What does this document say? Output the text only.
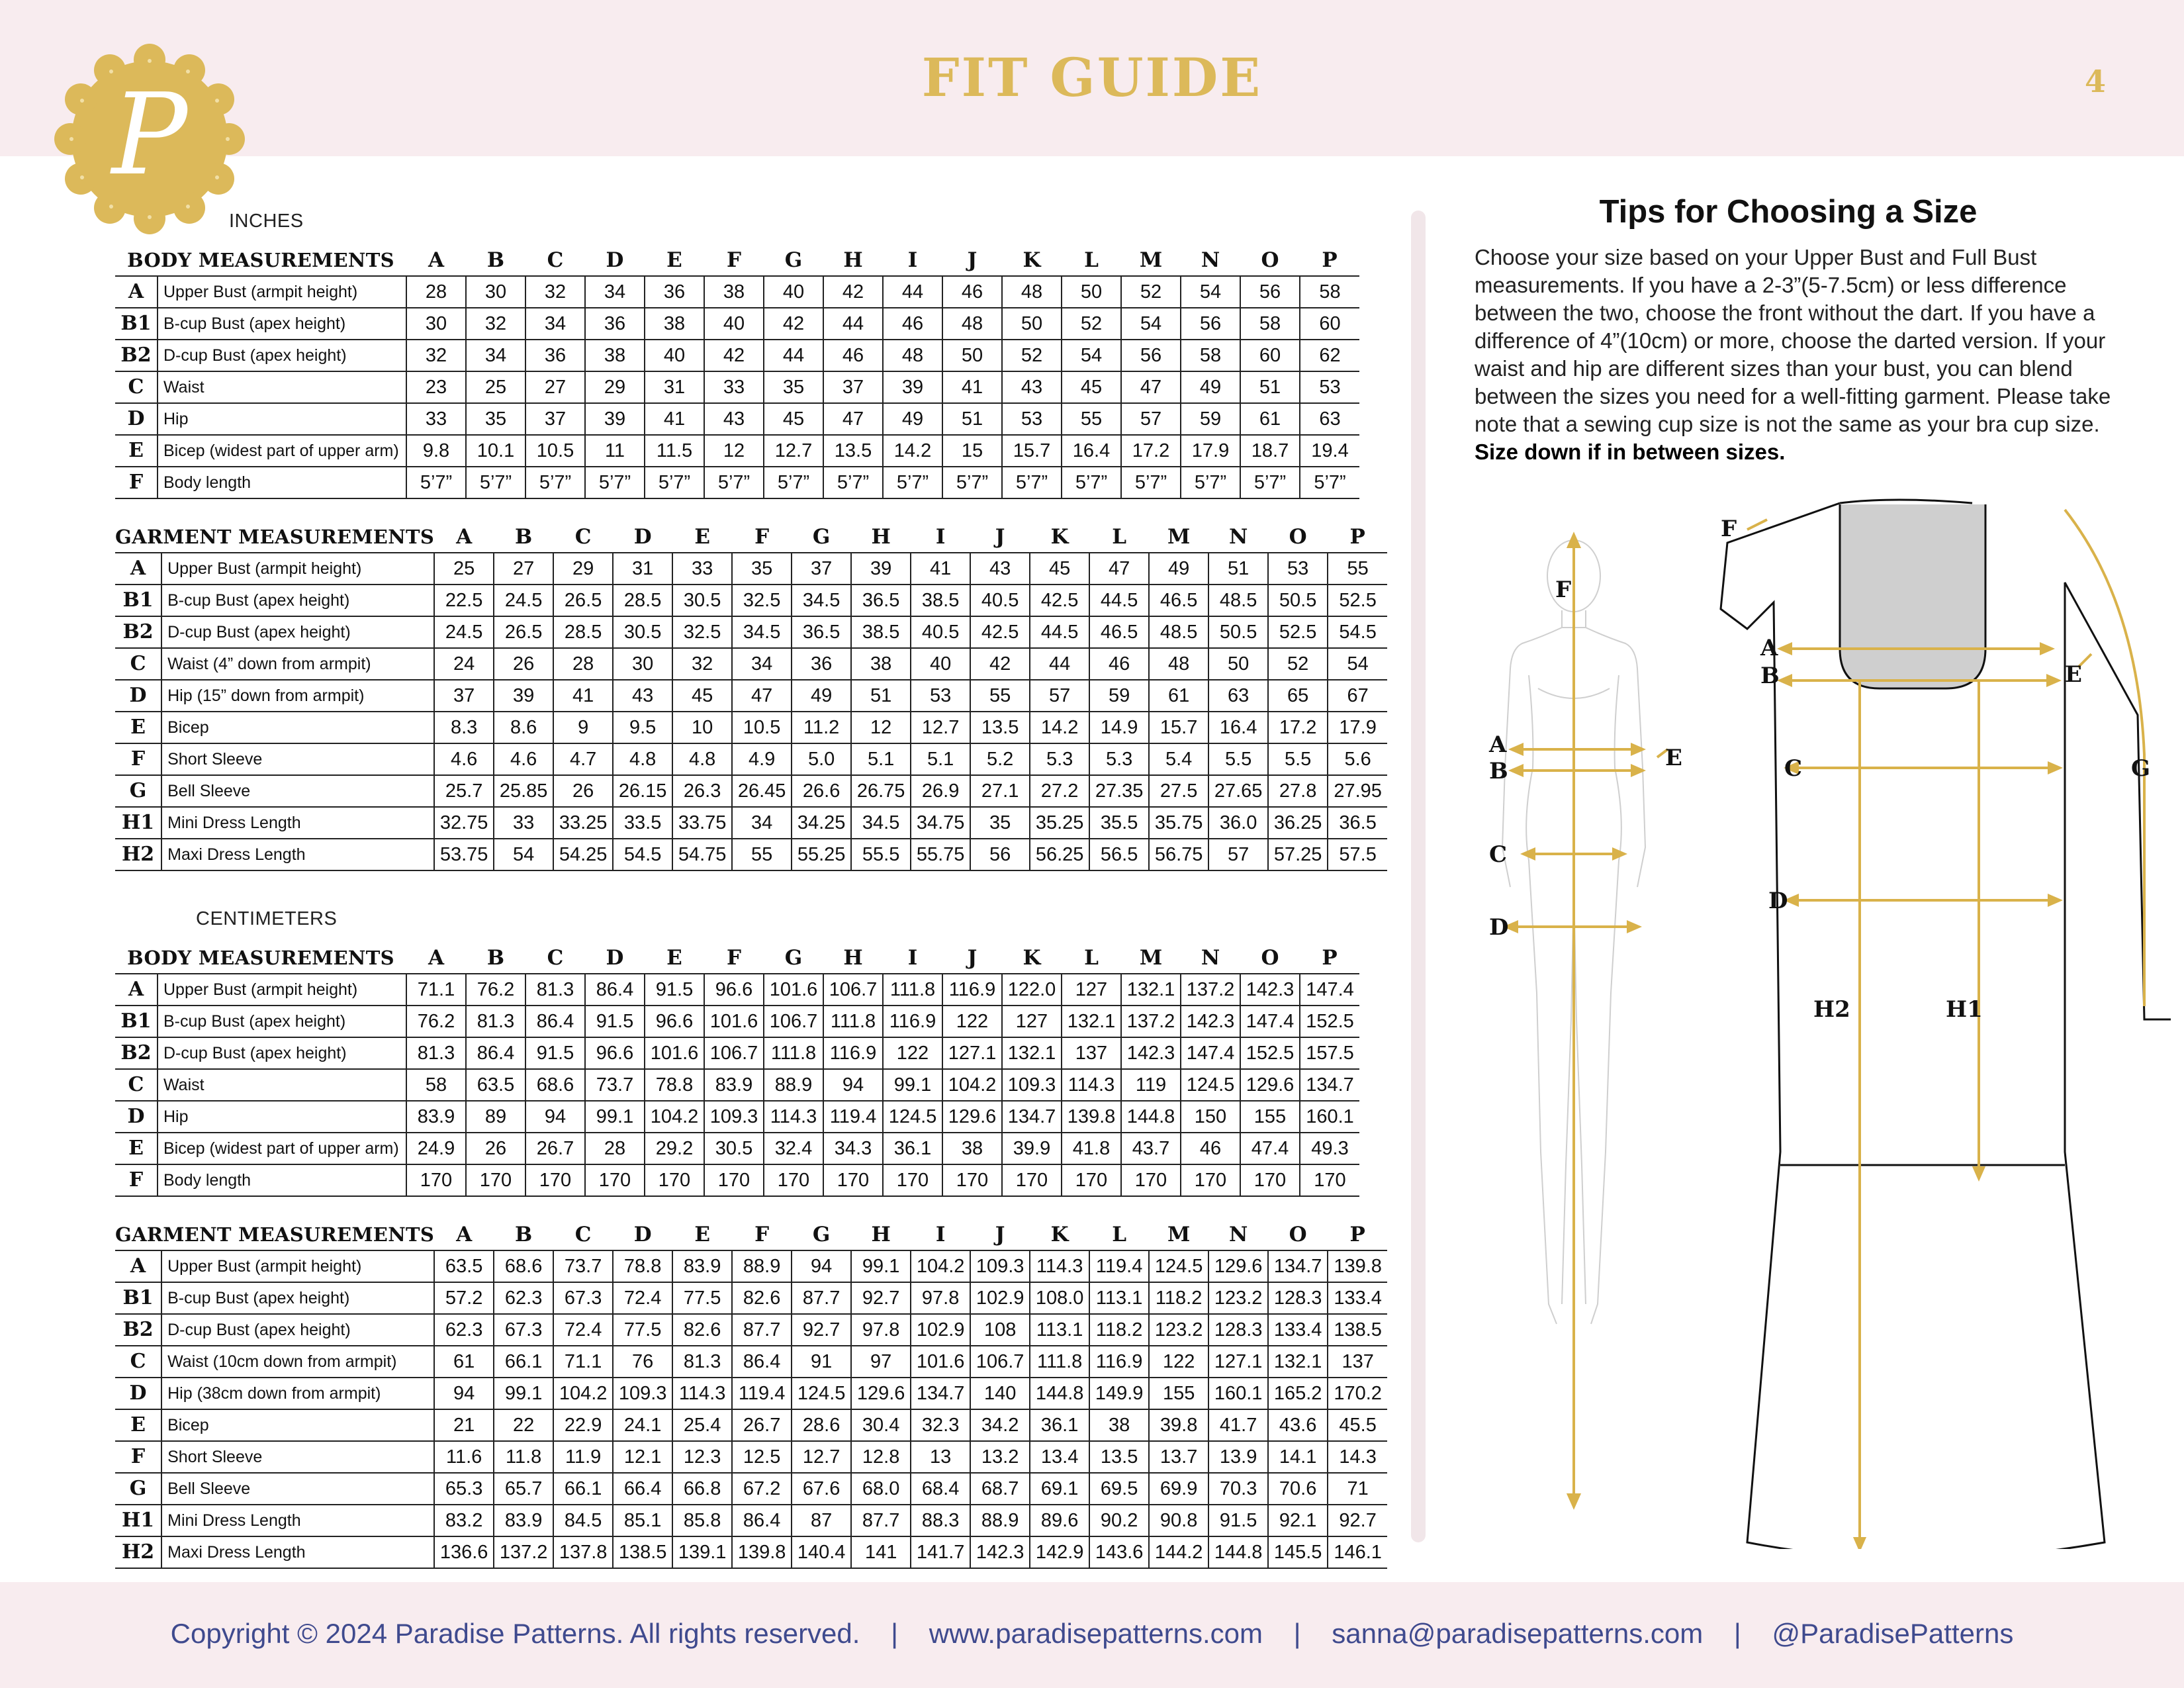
P	FIT GUIDE	4
INCHES
BODY MEASUREMENTS		A	B	C	D	E	F	G	H	I	J	K	L	M	N	O	P
A	Upper Bust (armpit height)	28	30	32	34	36	38	40	42	44	46	48	50	52	54	56	58
B1	B-cup Bust (apex height)	30	32	34	36	38	40	42	44	46	48	50	52	54	56	58	60
B2	D-cup Bust (apex height)	32	34	36	38	40	42	44	46	48	50	52	54	56	58	60	62
C	Waist	23	25	27	29	31	33	35	37	39	41	43	45	47	49	51	53
D	Hip	33	35	37	39	41	43	45	47	49	51	53	55	57	59	61	63
E	Bicep (widest part of upper arm)	9.8	10.1	10.5	11	11.5	12	12.7	13.5	14.2	15	15.7	16.4	17.2	17.9	18.7	19.4
F	Body length	5’7”	5’7”	5’7”	5’7”	5’7”	5’7”	5’7”	5’7”	5’7”	5’7”	5’7”	5’7”	5’7”	5’7”	5’7”	5’7”
GARMENT MEASUREMENTS		A	B	C	D	E	F	G	H	I	J	K	L	M	N	O	P
A	Upper Bust (armpit height)	25	27	29	31	33	35	37	39	41	43	45	47	49	51	53	55
B1	B-cup Bust (apex height)	22.5	24.5	26.5	28.5	30.5	32.5	34.5	36.5	38.5	40.5	42.5	44.5	46.5	48.5	50.5	52.5
B2	D-cup Bust (apex height)	24.5	26.5	28.5	30.5	32.5	34.5	36.5	38.5	40.5	42.5	44.5	46.5	48.5	50.5	52.5	54.5
C	Waist (4” down from armpit)	24	26	28	30	32	34	36	38	40	42	44	46	48	50	52	54
D	Hip (15” down from armpit)	37	39	41	43	45	47	49	51	53	55	57	59	61	63	65	67
E	Bicep	8.3	8.6	9	9.5	10	10.5	11.2	12	12.7	13.5	14.2	14.9	15.7	16.4	17.2	17.9
F	Short Sleeve	4.6	4.6	4.7	4.8	4.8	4.9	5.0	5.1	5.1	5.2	5.3	5.3	5.4	5.5	5.5	5.6
G	Bell Sleeve	25.7	25.85	26	26.15	26.3	26.45	26.6	26.75	26.9	27.1	27.2	27.35	27.5	27.65	27.8	27.95
H1	Mini Dress Length	32.75	33	33.25	33.5	33.75	34	34.25	34.5	34.75	35	35.25	35.5	35.75	36.0	36.25	36.5
H2	Maxi Dress Length	53.75	54	54.25	54.5	54.75	55	55.25	55.5	55.75	56	56.25	56.5	56.75	57	57.25	57.5
CENTIMETERS
BODY MEASUREMENTS		A	B	C	D	E	F	G	H	I	J	K	L	M	N	O	P
A	Upper Bust (armpit height)	71.1	76.2	81.3	86.4	91.5	96.6	101.6	106.7	111.8	116.9	122.0	127	132.1	137.2	142.3	147.4
B1	B-cup Bust (apex height)	76.2	81.3	86.4	91.5	96.6	101.6	106.7	111.8	116.9	122	127	132.1	137.2	142.3	147.4	152.5
B2	D-cup Bust (apex height)	81.3	86.4	91.5	96.6	101.6	106.7	111.8	116.9	122	127.1	132.1	137	142.3	147.4	152.5	157.5
C	Waist	58	63.5	68.6	73.7	78.8	83.9	88.9	94	99.1	104.2	109.3	114.3	119	124.5	129.6	134.7
D	Hip	83.9	89	94	99.1	104.2	109.3	114.3	119.4	124.5	129.6	134.7	139.8	144.8	150	155	160.1
E	Bicep (widest part of upper arm)	24.9	26	26.7	28	29.2	30.5	32.4	34.3	36.1	38	39.9	41.8	43.7	46	47.4	49.3
F	Body length	170	170	170	170	170	170	170	170	170	170	170	170	170	170	170	170
GARMENT MEASUREMENTS		A	B	C	D	E	F	G	H	I	J	K	L	M	N	O	P
A	Upper Bust (armpit height)	63.5	68.6	73.7	78.8	83.9	88.9	94	99.1	104.2	109.3	114.3	119.4	124.5	129.6	134.7	139.8
B1	B-cup Bust (apex height)	57.2	62.3	67.3	72.4	77.5	82.6	87.7	92.7	97.8	102.9	108.0	113.1	118.2	123.2	128.3	133.4
B2	D-cup Bust (apex height)	62.3	67.3	72.4	77.5	82.6	87.7	92.7	97.8	102.9	108	113.1	118.2	123.2	128.3	133.4	138.5
C	Waist (10cm down from armpit)	61	66.1	71.1	76	81.3	86.4	91	97	101.6	106.7	111.8	116.9	122	127.1	132.1	137
D	Hip (38cm down from armpit)	94	99.1	104.2	109.3	114.3	119.4	124.5	129.6	134.7	140	144.8	149.9	155	160.1	165.2	170.2
E	Bicep	21	22	22.9	24.1	25.4	26.7	28.6	30.4	32.3	34.2	36.1	38	39.8	41.7	43.6	45.5
F	Short Sleeve	11.6	11.8	11.9	12.1	12.3	12.5	12.7	12.8	13	13.2	13.4	13.5	13.7	13.9	14.1	14.3
G	Bell Sleeve	65.3	65.7	66.1	66.4	66.8	67.2	67.6	68.0	68.4	68.7	69.1	69.5	69.9	70.3	70.6	71
H1	Mini Dress Length	83.2	83.9	84.5	85.1	85.8	86.4	87	87.7	88.3	88.9	89.6	90.2	90.8	91.5	92.1	92.7
H2	Maxi Dress Length	136.6	137.2	137.8	138.5	139.1	139.8	140.4	141	141.7	142.3	142.9	143.6	144.2	144.8	145.5	146.1
Tips for Choosing a Size
Choose your size based on your Upper Bust and Full Bust measurements. If you have a 2-3”(5-7.5cm) or less difference between the two, choose the front without the dart. If you have a difference of 4”(10cm) or more, choose the darted version. If your waist and hip are different sizes than your bust, you can blend between the sizes you need for a well-fitting garment. Please take note that a sewing cup size is not the same as your bra cup size.
Size down if in between sizes.
F
A
B	E
C
D
F
A
B	E
G
C
D
H2	H1
Copyright © 2024 Paradise Patterns. All rights reserved. | www.paradisepatterns.com | sanna@paradisepatterns.com | @ParadisePatterns
